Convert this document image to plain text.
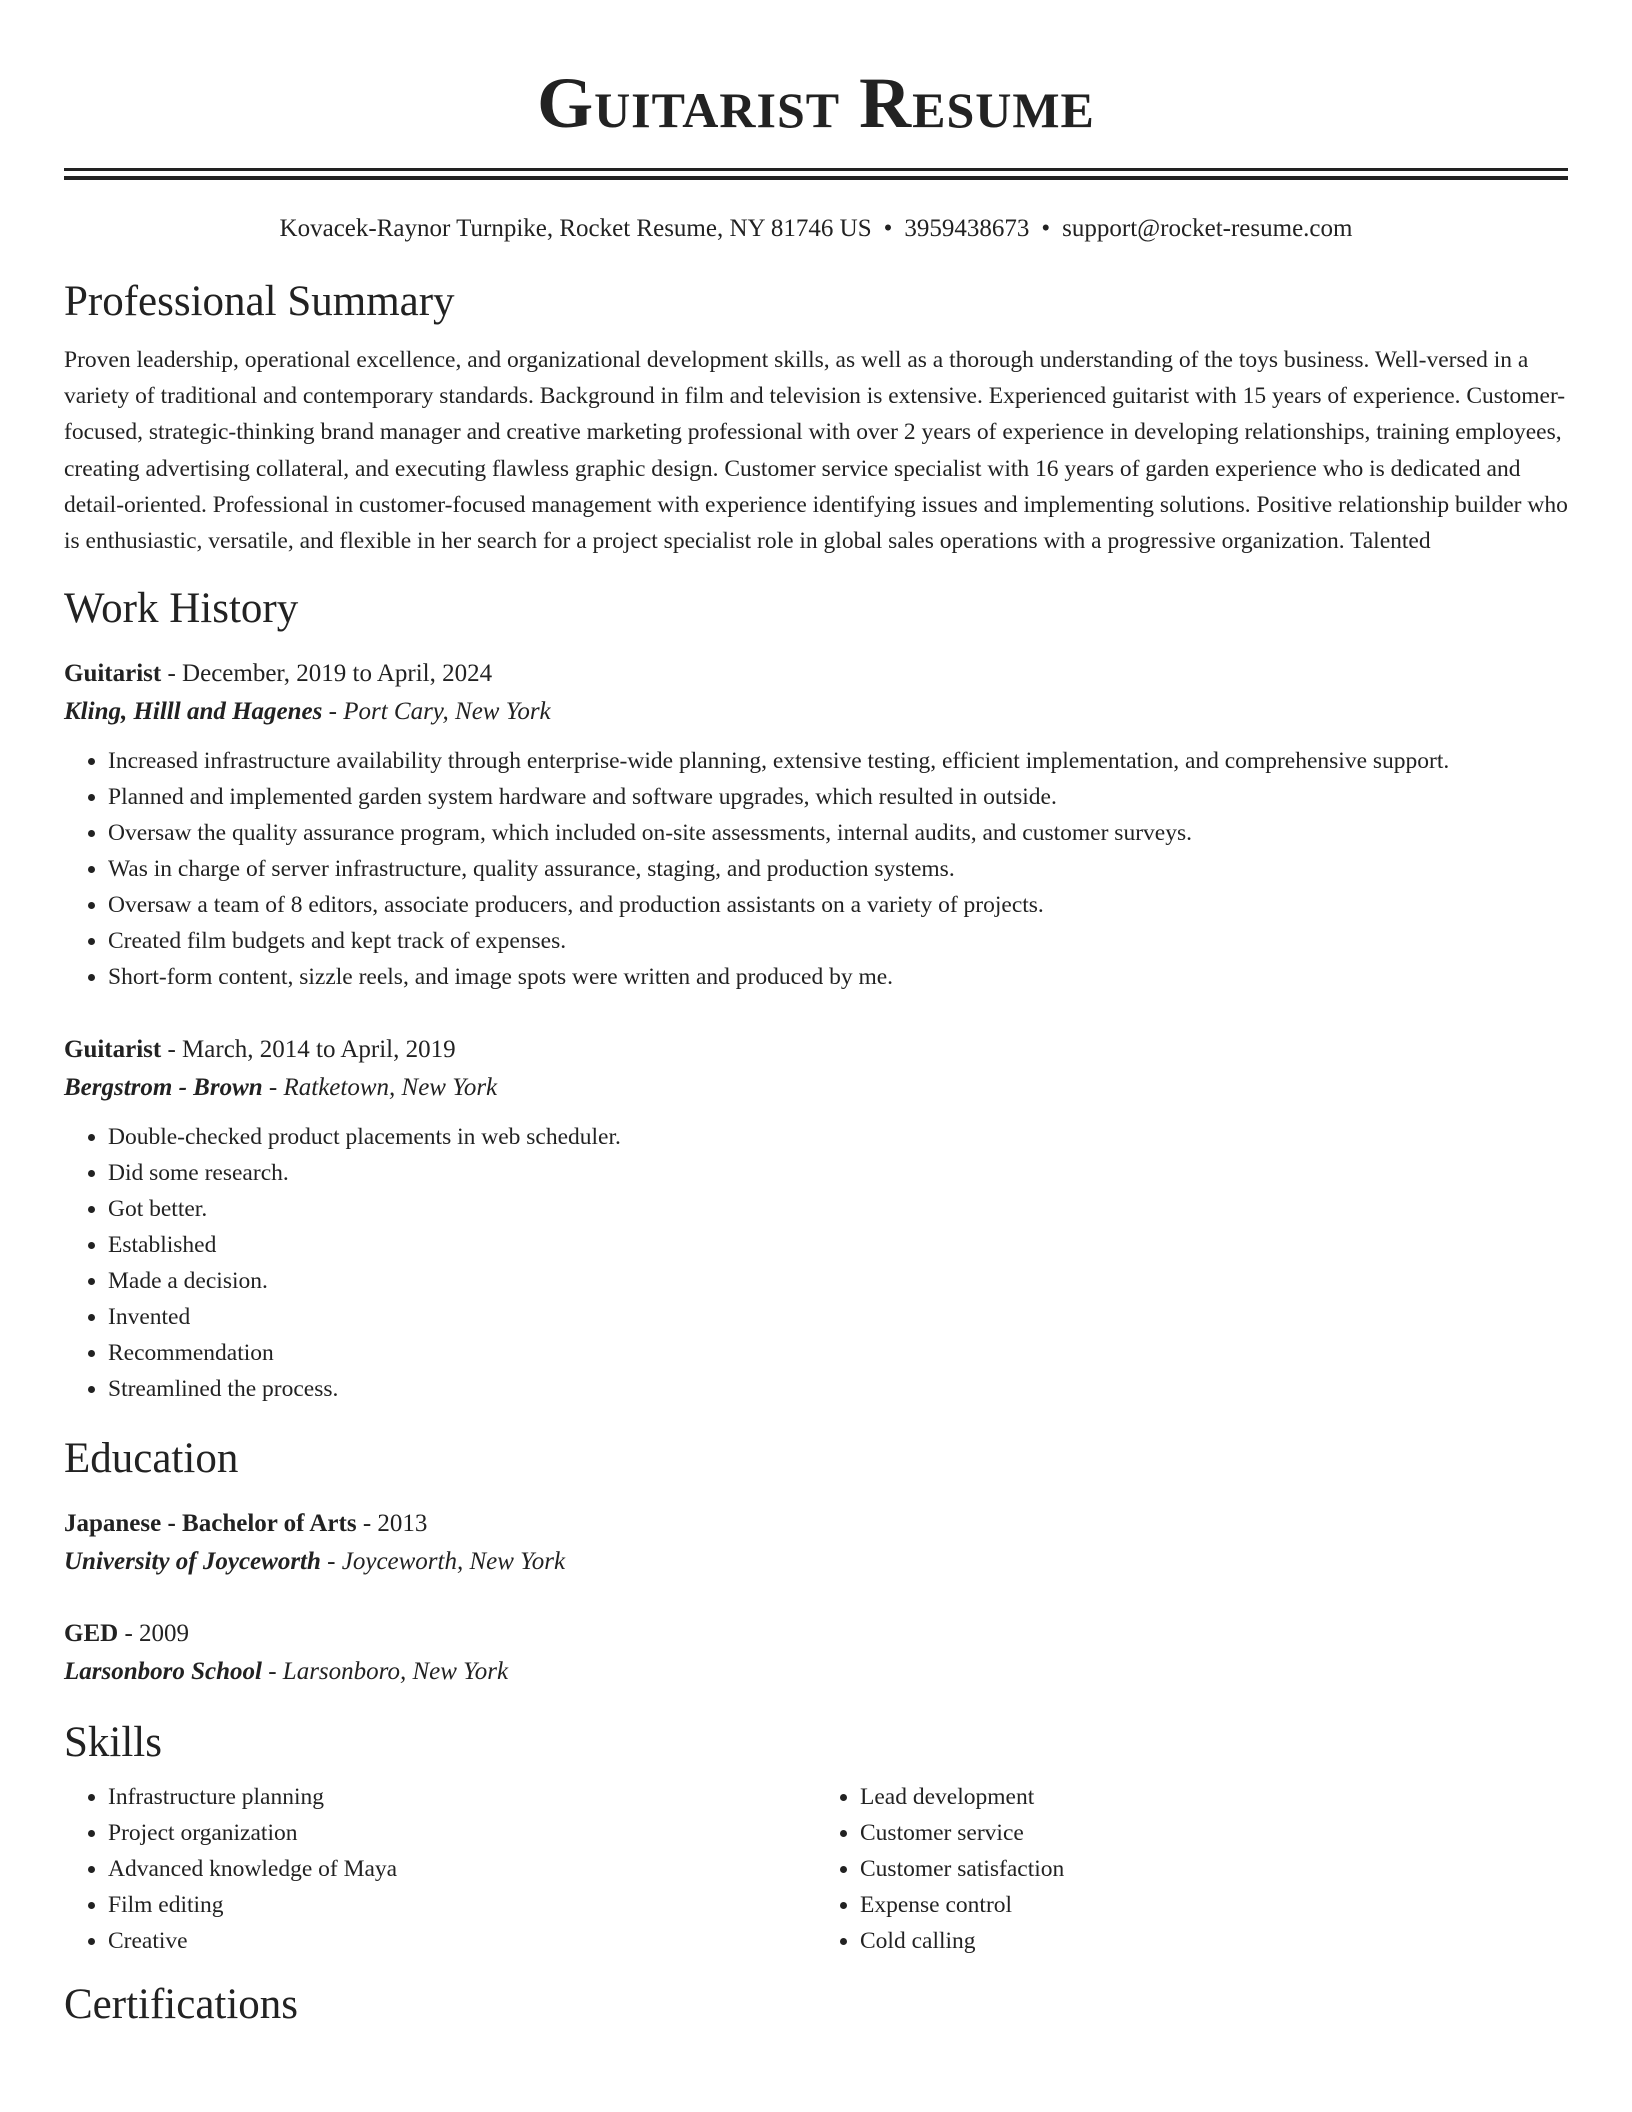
Guitarist Resume
Kovacek-Raynor Turnpike, Rocket Resume, NY 81746 US • 3959438673 • support@rocket-resume.com
Professional Summary
Proven leadership, operational excellence, and organizational development skills, as well as a thorough understanding of the toys business. Well-versed in a variety of traditional and contemporary standards. Background in film and television is extensive. Experienced guitarist with 15 years of experience. Customer-focused, strategic-thinking brand manager and creative marketing professional with over 2 years of experience in developing relationships, training employees, creating advertising collateral, and executing flawless graphic design. Customer service specialist with 16 years of garden experience who is dedicated and detail-oriented. Professional in customer-focused management with experience identifying issues and implementing solutions. Positive relationship builder who is enthusiastic, versatile, and flexible in her search for a project specialist role in global sales operations with a progressive organization. Talented
Work History
Guitarist - December, 2019 to April, 2024
Kling, Hilll and Hagenes - Port Cary, New York
• Increased infrastructure availability through enterprise-wide planning, extensive testing, efficient implementation, and comprehensive support.
• Planned and implemented garden system hardware and software upgrades, which resulted in outside.
• Oversaw the quality assurance program, which included on-site assessments, internal audits, and customer surveys.
• Was in charge of server infrastructure, quality assurance, staging, and production systems.
• Oversaw a team of 8 editors, associate producers, and production assistants on a variety of projects.
• Created film budgets and kept track of expenses.
• Short-form content, sizzle reels, and image spots were written and produced by me.
Guitarist - March, 2014 to April, 2019
Bergstrom - Brown - Ratketown, New York
• Double-checked product placements in web scheduler.
• Did some research.
• Got better.
• Established
• Made a decision.
• Invented
• Recommendation
• Streamlined the process.
Education
Japanese - Bachelor of Arts - 2013
University of Joyceworth - Joyceworth, New York
GED - 2009
Larsonboro School - Larsonboro, New York
Skills
• Infrastructure planning
• Project organization
• Advanced knowledge of Maya
• Film editing
• Creative
• Lead development
• Customer service
• Customer satisfaction
• Expense control
• Cold calling
Certifications
